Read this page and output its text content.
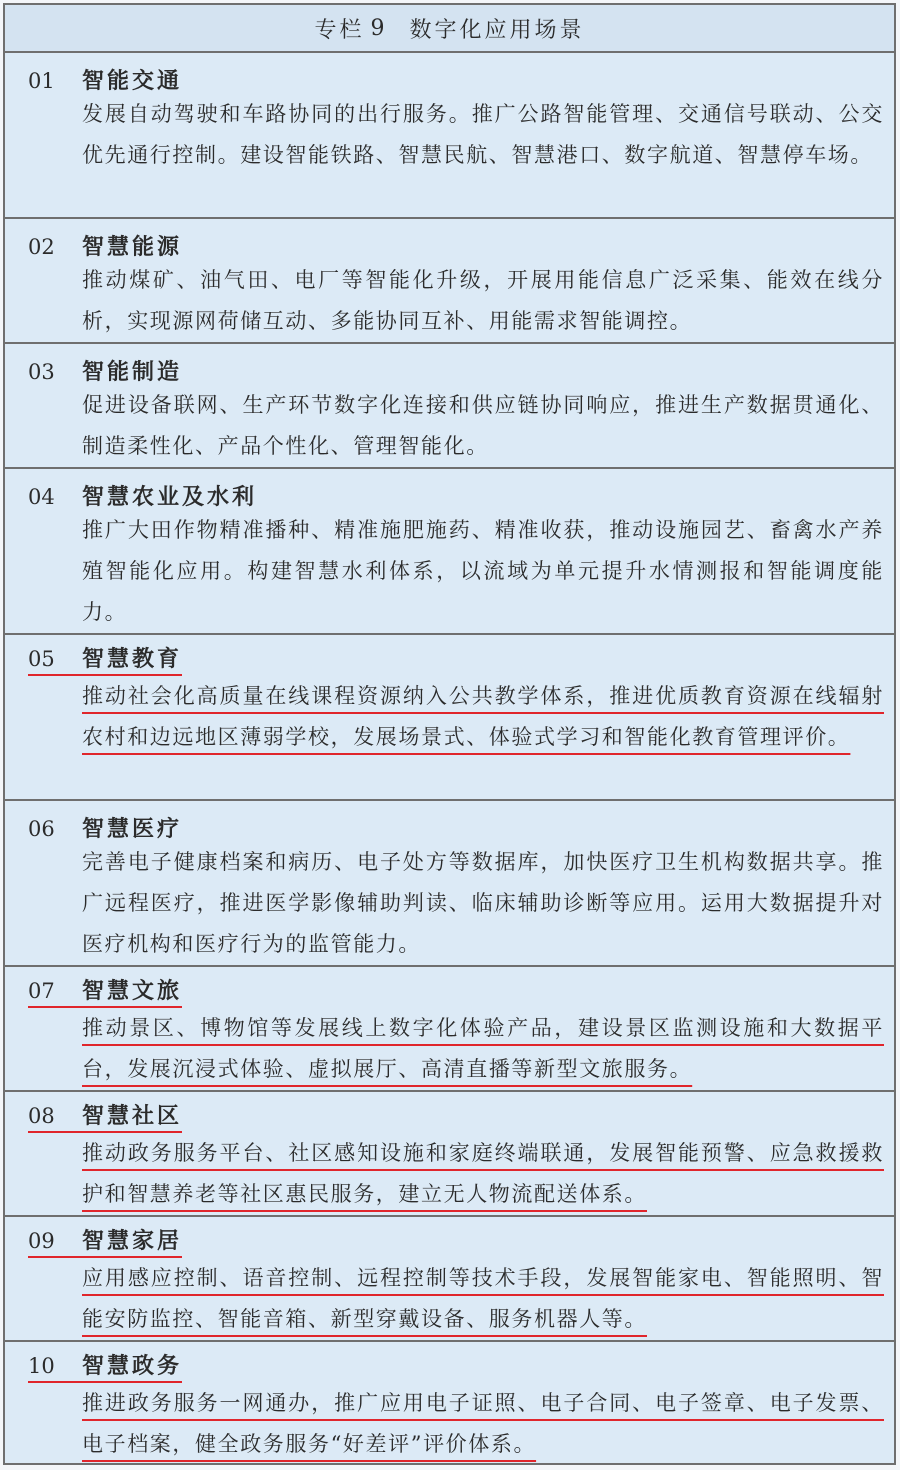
专栏 9 数字化应用场景
01	智能交通
发展自动驾驶和车路协同的出行服务。推广公路智能管理、交通信号联动、公交优先通行控制。建设智能铁路、智慧民航、智慧港口、数字航道、智慧停车场。
02	智慧能源
推动煤矿、油气田、电厂等智能化升级，开展用能信息广泛采集、能效在线分析，实现源网荷储互动、多能协同互补、用能需求智能调控。
03	智能制造
促进设备联网、生产环节数字化连接和供应链协同响应，推进生产数据贯通化、制造柔性化、产品个性化、管理智能化。
04	智慧农业及水利
推广大田作物精准播种、精准施肥施药、精准收获，推动设施园艺、畜禽水产养殖智能化应用。构建智慧水利体系，以流域为单元提升水情测报和智能调度能力。
05	智慧教育
推动社会化高质量在线课程资源纳入公共教学体系，推进优质教育资源在线辐射农村和边远地区薄弱学校，发展场景式、体验式学习和智能化教育管理评价。
06	智慧医疗
完善电子健康档案和病历、电子处方等数据库，加快医疗卫生机构数据共享。推广远程医疗，推进医学影像辅助判读、临床辅助诊断等应用。运用大数据提升对医疗机构和医疗行为的监管能力。
07	智慧文旅
推动景区、博物馆等发展线上数字化体验产品，建设景区监测设施和大数据平台，发展沉浸式体验、虚拟展厅、高清直播等新型文旅服务。
08	智慧社区
推动政务服务平台、社区感知设施和家庭终端联通，发展智能预警、应急救援救护和智慧养老等社区惠民服务，建立无人物流配送体系。
09	智慧家居
应用感应控制、语音控制、远程控制等技术手段，发展智能家电、智能照明、智能安防监控、智能音箱、新型穿戴设备、服务机器人等。
10	智慧政务
推进政务服务一网通办，推广应用电子证照、电子合同、电子签章、电子发票、电子档案，健全政务服务“好差评”评价体系。
